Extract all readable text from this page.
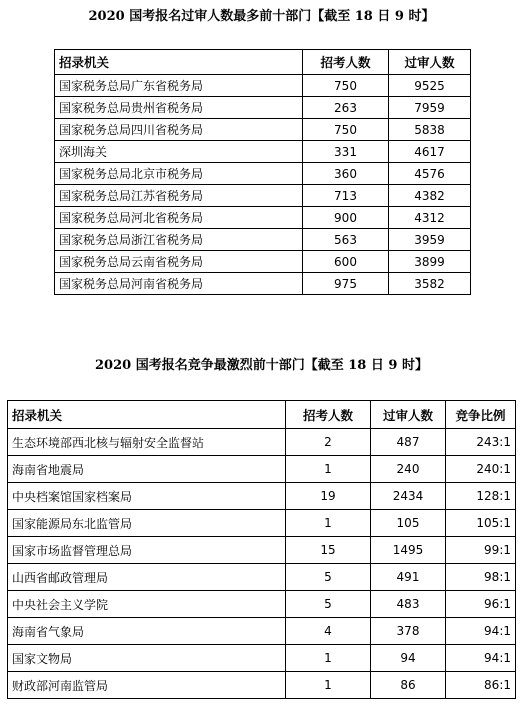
2020 国考报名过审人数最多前十部门【截至 18 日 9 时】
招录机关	招考人数	过审人数
国家税务总局广东省税务局	750	9525
国家税务总局贵州省税务局	263	7959
国家税务总局四川省税务局	750	5838
深圳海关	331	4617
国家税务总局北京市税务局	360	4576
国家税务总局江苏省税务局	713	4382
国家税务总局河北省税务局	900	4312
国家税务总局浙江省税务局	563	3959
国家税务总局云南省税务局	600	3899
国家税务总局河南省税务局	975	3582
2020 国考报名竞争最激烈前十部门【截至 18 日 9 时】
招录机关	招考人数	过审人数	竞争比例
生态环境部西北核与辐射安全监督站	2	487	243:1
海南省地震局	1	240	240:1
中央档案馆国家档案局	19	2434	128:1
国家能源局东北监管局	1	105	105:1
国家市场监督管理总局	15	1495	99:1
山西省邮政管理局	5	491	98:1
中央社会主义学院	5	483	96:1
海南省气象局	4	378	94:1
国家文物局	1	94	94:1
财政部河南监管局	1	86	86:1
